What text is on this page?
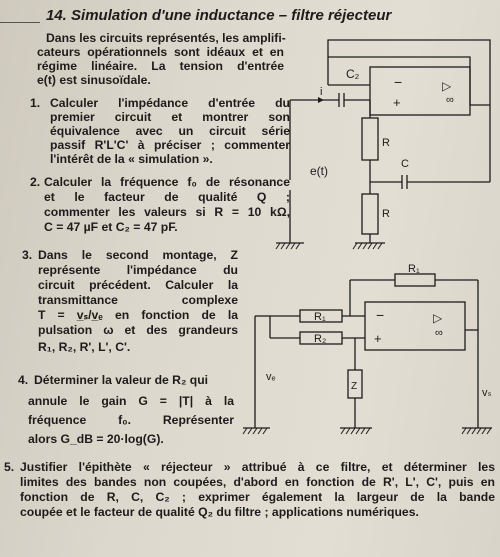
14. Simulation d'une inductance – filtre réjecteur
Dans les circuits représentés, les amplifi-
cateurs opérationnels sont idéaux et en
régime linéaire. La tension d'entrée
e(t) est sinusoïdale.
1. Calculer l'impédance d'entrée du
premier circuit et montrer son
équivalence avec un circuit série
passif R'L'C' à préciser ; commenter
l'intérêt de la « simulation ».
2. Calculer la fréquence f₀ de résonance
et le facteur de qualité Q ;
commenter les valeurs si R = 10 kΩ,
C = 47 µF et C₂ = 47 pF.
3. Dans le second montage, Z
représente l'impédance du
circuit précédent. Calculer la
transmittance complexe
T = v̲ₛ/v̲ₑ en fonction de la
pulsation ω et des grandeurs
R₁, R₂, R', L', C'.
4. Déterminer la valeur de R₂ qui
annule le gain G = |T| à la
fréquence f₀. Représenter
alors G_dB = 20·log(G).
5. Justifier l'épithète « réjecteur » attribué à ce filtre, et déterminer les
limites des bandes non coupées, d'abord en fonction de R', L', C', puis en
fonction de R, C, C₂ ; exprimer également la largeur de la bande
coupée et le facteur de qualité Q₂ du filtre ; applications numériques.
C₂
i
−
+
▷
∞
R
C
e(t)
R
R₁
R₁
R₂
−
+
▷
∞
Z
vₑ
vₛ
